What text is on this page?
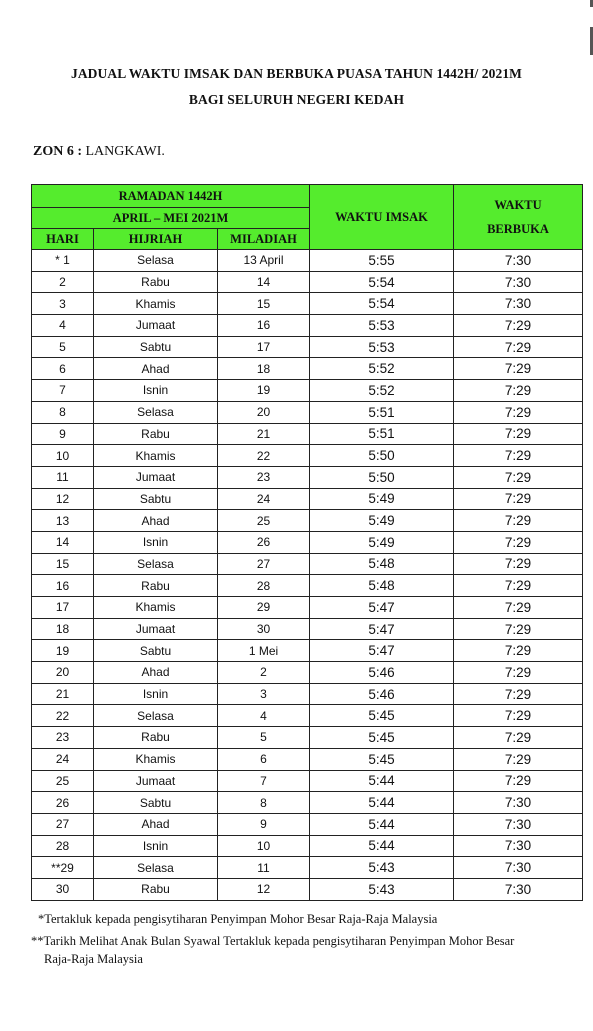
JADUAL WAKTU IMSAK DAN BERBUKA PUASA TAHUN 1442H/ 2021M
BAGI SELURUH NEGERI KEDAH
ZON 6 : LANGKAWI.
RAMADAN 1442H			WAKTU IMSAK	WAKTU
BERBUKA

APRIL – MEI 2021M				
HARI	HIJRIAH	MILADIAH		
* 1	Selasa	13 April	5:55	7:30
2	Rabu	14	5:54	7:30
3	Khamis	15	5:54	7:30
4	Jumaat	16	5:53	7:29
5	Sabtu	17	5:53	7:29
6	Ahad	18	5:52	7:29
7	Isnin	19	5:52	7:29
8	Selasa	20	5:51	7:29
9	Rabu	21	5:51	7:29
10	Khamis	22	5:50	7:29
11	Jumaat	23	5:50	7:29
12	Sabtu	24	5:49	7:29
13	Ahad	25	5:49	7:29
14	Isnin	26	5:49	7:29
15	Selasa	27	5:48	7:29
16	Rabu	28	5:48	7:29
17	Khamis	29	5:47	7:29
18	Jumaat	30	5:47	7:29
19	Sabtu	1 Mei	5:47	7:29
20	Ahad	2	5:46	7:29
21	Isnin	3	5:46	7:29
22	Selasa	4	5:45	7:29
23	Rabu	5	5:45	7:29
24	Khamis	6	5:45	7:29
25	Jumaat	7	5:44	7:29
26	Sabtu	8	5:44	7:30
27	Ahad	9	5:44	7:30
28	Isnin	10	5:44	7:30
**29	Selasa	11	5:43	7:30
30	Rabu	12	5:43	7:30
*Tertakluk kepada pengisytiharan Penyimpan Mohor Besar Raja-Raja Malaysia
**Tarikh Melihat Anak Bulan Syawal Tertakluk kepada pengisytiharan Penyimpan Mohor Besar
Raja-Raja Malaysia
